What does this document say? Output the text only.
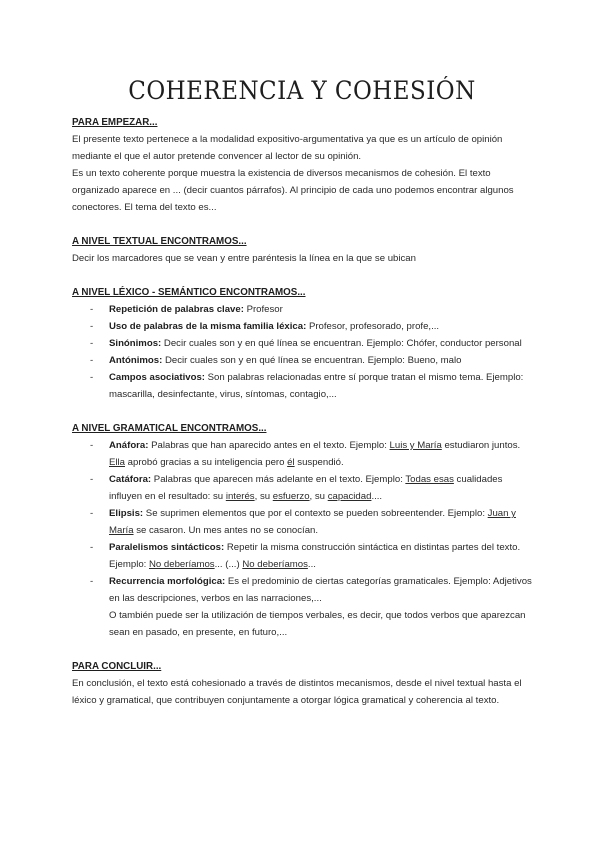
COHERENCIA Y COHESIÓN

PARA EMPEZAR...

El presente texto pertenece a la modalidad expositivo-argumentativa ya que es un artículo de opinión mediante el que el autor pretende convencer al lector de su opinión.

Es un texto coherente porque muestra la existencia de diversos mecanismos de cohesión. El texto organizado aparece en ... (decir cuantos párrafos). Al principio de cada uno podemos encontrar algunos conectores. El tema del texto es...

A NIVEL TEXTUAL ENCONTRAMOS...

Decir los marcadores que se vean y entre paréntesis la línea en la que se ubican

A NIVEL LÉXICO - SEMÁNTICO ENCONTRAMOS...

- Repetición de palabras clave: Profesor
- Uso de palabras de la misma familia léxica: Profesor, profesorado, profe,...
- Sinónimos: Decir cuales son y en qué línea se encuentran. Ejemplo: Chófer, conductor personal
- Antónimos: Decir cuales son y en qué línea se encuentran. Ejemplo: Bueno, malo
- Campos asociativos: Son palabras relacionadas entre sí porque tratan el mismo tema. Ejemplo: mascarilla, desinfectante, virus, síntomas, contagio,...

A NIVEL GRAMATICAL ENCONTRAMOS...

- Anáfora: Palabras que han aparecido antes en el texto. Ejemplo: Luis y María estudiaron juntos. Ella aprobó gracias a su inteligencia pero él suspendió.
- Catáfora: Palabras que aparecen más adelante en el texto. Ejemplo: Todas esas cualidades influyen en el resultado: su interés, su esfuerzo, su capacidad....
- Elipsis: Se suprimen elementos que por el contexto se pueden sobreentender. Ejemplo: Juan y María se casaron. Un mes antes no se conocían.
- Paralelismos sintácticos: Repetir la misma construcción sintáctica en distintas partes del texto. Ejemplo: No deberíamos... (...) No deberíamos...
- Recurrencia morfológica: Es el predominio de ciertas categorías gramaticales. Ejemplo: Adjetivos en las descripciones, verbos en las narraciones,...
O también puede ser la utilización de tiempos verbales, es decir, que todos verbos que aparezcan sean en pasado, en presente, en futuro,...

PARA CONCLUIR...

En conclusión, el texto está cohesionado a través de distintos mecanismos, desde el nivel textual hasta el léxico y gramatical, que contribuyen conjuntamente a otorgar lógica gramatical y coherencia al texto.
